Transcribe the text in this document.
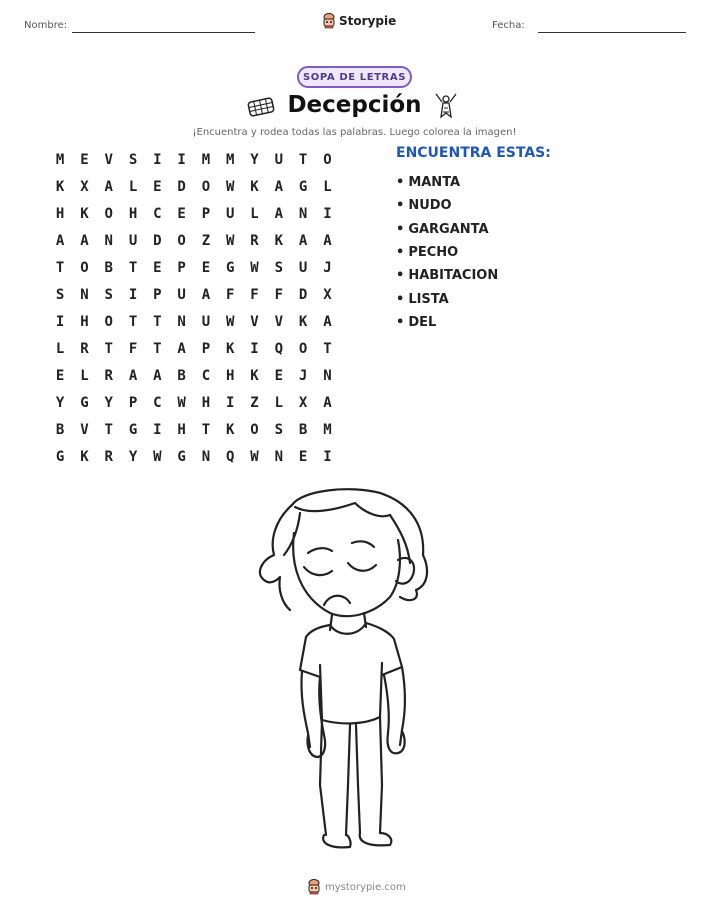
Nombre:	Storypie	Fecha:
SOPA DE LETRAS
Decepción
¡Encuentra y rodea todas las palabras. Luego colorea la imagen!
M	E	V	S	I	I	M	M	Y	U	T	O
K	X	A	L	E	D	O	W	K	A	G	L
H	K	O	H	C	E	P	U	L	A	N	I
A	A	N	U	D	O	Z	W	R	K	A	A
T	O	B	T	E	P	E	G	W	S	U	J
S	N	S	I	P	U	A	F	F	F	D	X
I	H	O	T	T	N	U	W	V	V	K	A
L	R	T	F	T	A	P	K	I	Q	O	T
E	L	R	A	A	B	C	H	K	E	J	N
Y	G	Y	P	C	W	H	I	Z	L	X	A
B	V	T	G	I	H	T	K	O	S	B	M
G	K	R	Y	W	G	N	Q	W	N	E	I
ENCUENTRA ESTAS:
• MANTA
• NUDO
• GARGANTA
• PECHO
• HABITACION
• LISTA
• DEL
mystorypie.com
